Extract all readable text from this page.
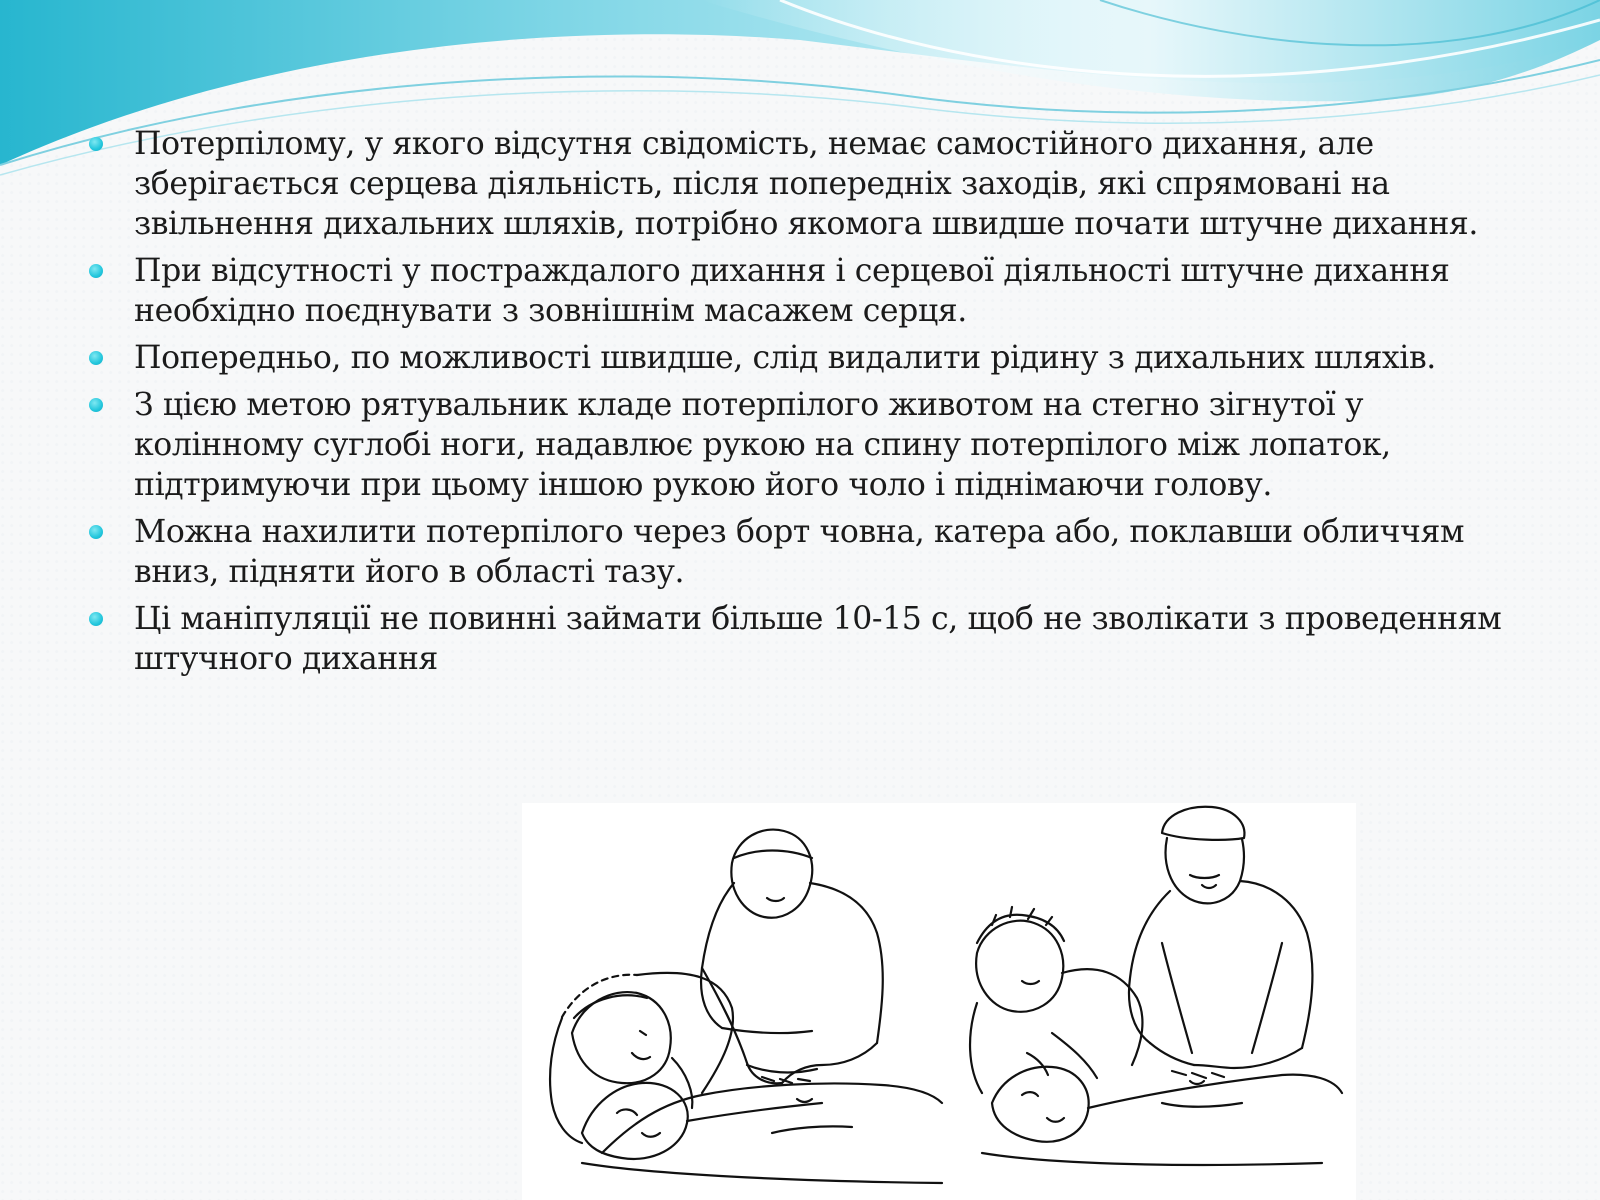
Потерпілому, у якого відсутня свідомість, немає самостійного дихання, але зберігається серцева діяльність, після попередніх заходів, які спрямовані на звільнення дихальних шляхів, потрібно якомога швидше почати штучне дихання.
При відсутності у постраждалого дихання і серцевої діяльності штучне дихання необхідно поєднувати з зовнішнім масажем серця.
Попередньо, по можливості швидше, слід видалити рідину з дихальних шляхів.
З цією метою рятувальник кладе потерпілого животом на стегно зігнутої у колінному суглобі ноги, надавлює рукою на спину потерпілого між лопаток, підтримуючи при цьому іншою рукою його чоло і піднімаючи голову.
Можна нахилити потерпілого через борт човна, катера або, поклавши обличчям вниз, підняти його в області тазу.
Ці маніпуляції не повинні займати більше 10-15 с, щоб не зволікати з проведенням штучного дихання
